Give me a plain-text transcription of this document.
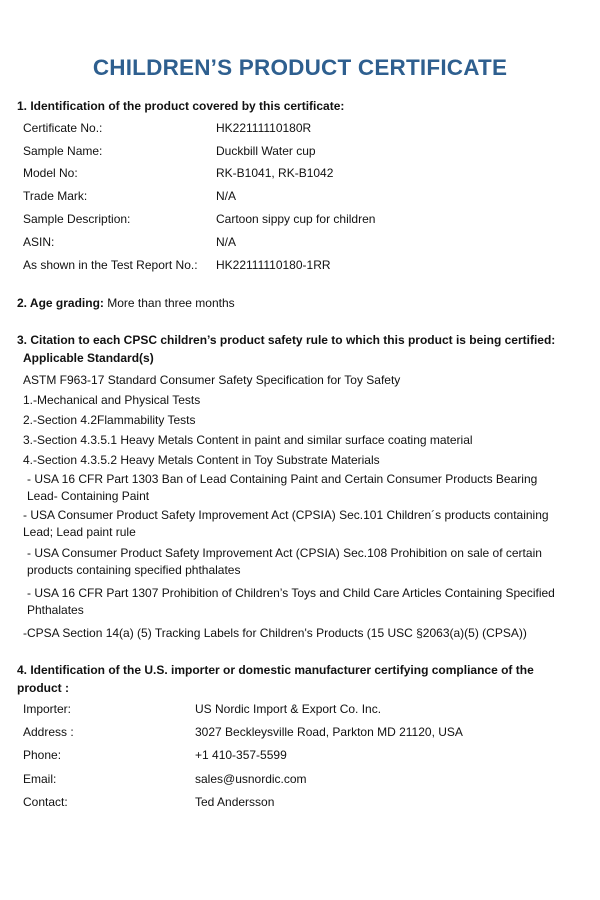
CHILDREN’S PRODUCT CERTIFICATE

1. Identification of the product covered by this certificate:

Certificate No.:	HK22111110180R
Sample Name:	Duckbill Water cup
Model No:	RK-B1041, RK-B1042
Trade Mark:	N/A
Sample Description:	Cartoon sippy cup for children
ASIN:	N/A
As shown in the Test Report No.: HK22111110180-1RR
2. Age grading: More than three months

3. Citation to each CPSC children’s product safety rule to which this product is being certified:

Applicable Standard(s)
ASTM F963-17 Standard Consumer Safety Specification for Toy Safety
1.-Mechanical and Physical Tests
2.-Section 4.2Flammability Tests
3.-Section 4.3.5.1 Heavy Metals Content in paint and similar surface coating material
4.-Section 4.3.5.2 Heavy Metals Content in Toy Substrate Materials
- USA 16 CFR Part 1303 Ban of Lead Containing Paint and Certain Consumer Products Bearing
Lead- Containing Paint
- USA Consumer Product Safety Improvement Act (CPSIA) Sec.101 Children´s products containing
Lead; Lead paint rule
- USA Consumer Product Safety Improvement Act (CPSIA) Sec.108 Prohibition on sale of certain
products containing specified phthalates
- USA 16 CFR Part 1307 Prohibition of Children’s Toys and Child Care Articles Containing Specified
Phthalates
-CPSA Section 14(a) (5) Tracking Labels for Children's Products (15 USC §2063(a)(5) (CPSA))

4. Identification of the U.S. importer or domestic manufacturer certifying compliance of the

product :

Importer:	US Nordic Import & Export Co. Inc.
Address :	3027 Beckleysville Road, Parkton MD 21120, USA
Phone:	+1 410-357-5599
Email:	sales@usnordic.com
Contact:	Ted Andersson
